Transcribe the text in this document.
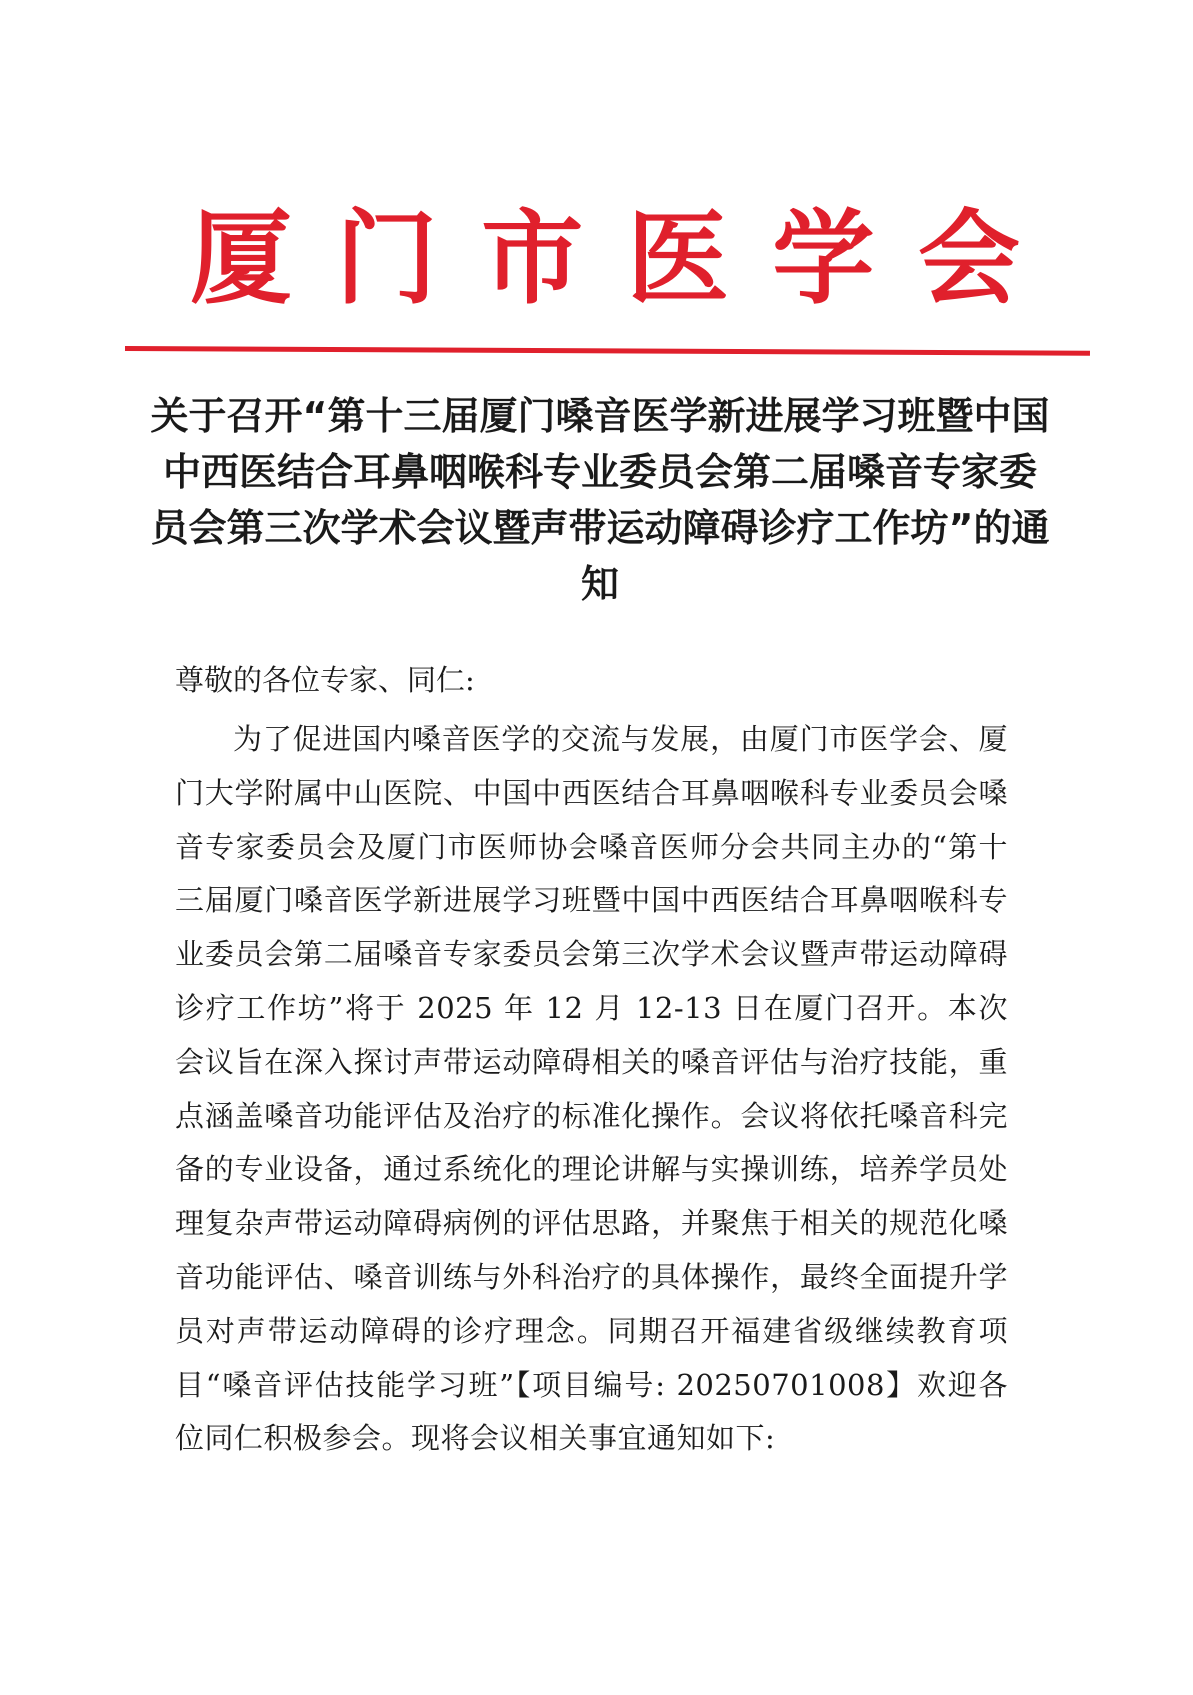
厦 门 市 医 学 会
关于召开“第十三届厦门嗓音医学新进展学习班暨中国中西医结合耳鼻咽喉科专业委员会第二届嗓音专家委员会第三次学术会议暨声带运动障碍诊疗工作坊”的通知
尊敬的各位专家、同仁:
为了促进国内嗓音医学的交流与发展，由厦门市医学会、厦门大学附属中山医院、中国中西医结合耳鼻咽喉科专业委员会嗓音专家委员会及厦门市医师协会嗓音医师分会共同主办的“第十三届厦门嗓音医学新进展学习班暨中国中西医结合耳鼻咽喉科专业委员会第二届嗓音专家委员会第三次学术会议暨声带运动障碍诊疗工作坊”将于 2025 年 12 月 12-13 日在厦门召开。本次会议旨在深入探讨声带运动障碍相关的嗓音评估与治疗技能，重点涵盖嗓音功能评估及治疗的标准化操作。会议将依托嗓音科完备的专业设备，通过系统化的理论讲解与实操训练，培养学员处理复杂声带运动障碍病例的评估思路，并聚焦于相关的规范化嗓音功能评估、嗓音训练与外科治疗的具体操作，最终全面提升学员对声带运动障碍的诊疗理念。同期召开福建省级继续教育项目“嗓音评估技能学习班”【项目编号: 20250701008】欢迎各位同仁积极参会。现将会议相关事宜通知如下:
